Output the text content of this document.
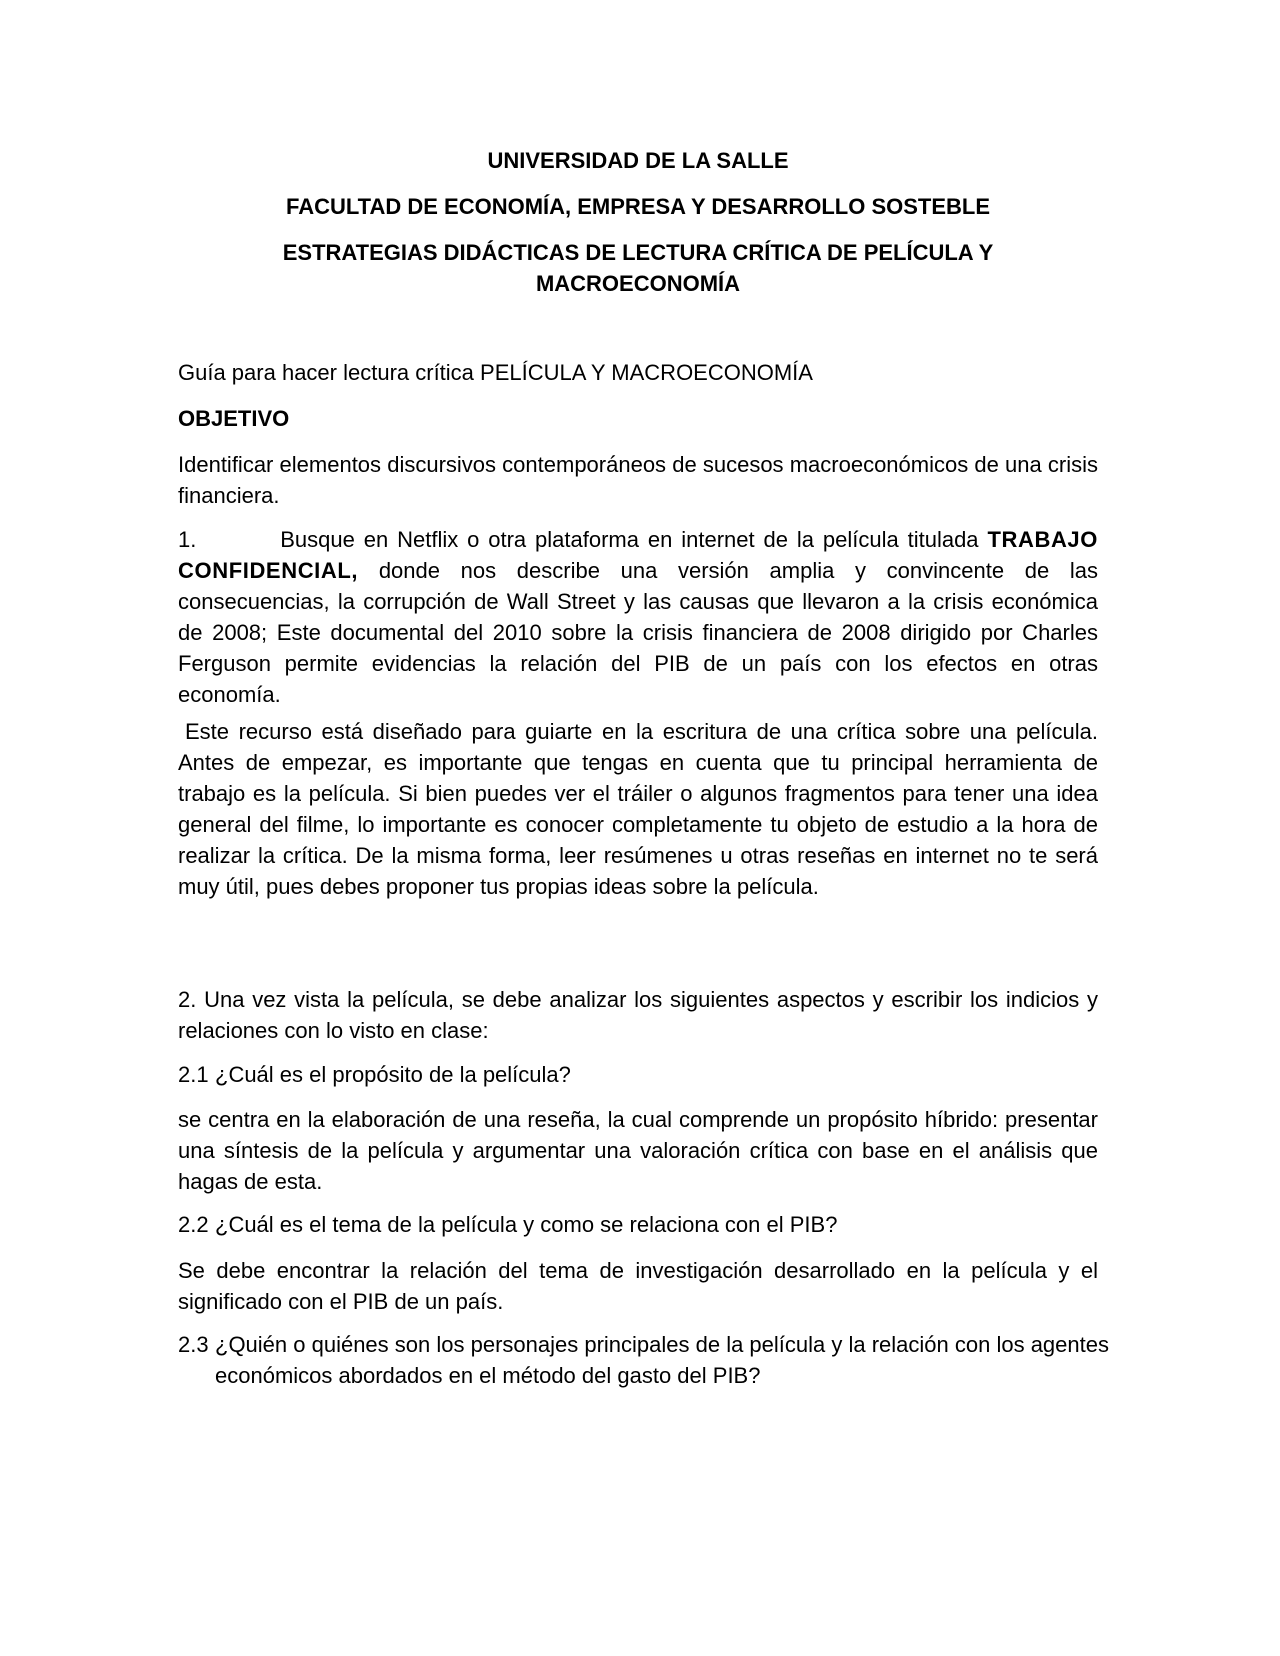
UNIVERSIDAD DE LA SALLE
FACULTAD DE ECONOMÍA, EMPRESA Y DESARROLLO SOSTEBLE
ESTRATEGIAS DIDÁCTICAS DE LECTURA CRÍTICA DE PELÍCULA Y MACROECONOMÍA
Guía para hacer lectura crítica PELÍCULA Y MACROECONOMÍA
OBJETIVO
Identificar elementos discursivos contemporáneos de sucesos macroeconómicos de una crisis financiera.
1.	Busque en Netflix o otra plataforma en internet de la película titulada TRABAJO CONFIDENCIAL, donde nos describe una versión amplia y convincente de las consecuencias, la corrupción de Wall Street y las causas que llevaron a la crisis económica de 2008; Este documental del 2010 sobre la crisis financiera de 2008 dirigido por Charles Ferguson permite evidencias la relación del PIB de un país con los efectos en otras economía.
Este recurso está diseñado para guiarte en la escritura de una crítica sobre una película. Antes de empezar, es importante que tengas en cuenta que tu principal herramienta de trabajo es la película. Si bien puedes ver el tráiler o algunos fragmentos para tener una idea general del filme, lo importante es conocer completamente tu objeto de estudio a la hora de realizar la crítica. De la misma forma, leer resúmenes u otras reseñas en internet no te será muy útil, pues debes proponer tus propias ideas sobre la película.
2. Una vez vista la película, se debe analizar los siguientes aspectos y escribir los indicios y relaciones con lo visto en clase:
2.1 ¿Cuál es el propósito de la película?
se centra en la elaboración de una reseña, la cual comprende un propósito híbrido: presentar una síntesis de la película y argumentar una valoración crítica con base en el análisis que hagas de esta.
2.2 ¿Cuál es el tema de la película y como se relaciona con el PIB?
Se debe encontrar la relación del tema de investigación desarrollado en la película y el significado con el PIB de un país.
2.3 ¿Quién o quiénes son los personajes principales de la película y la relación con los agentes económicos abordados en el método del gasto del PIB?
